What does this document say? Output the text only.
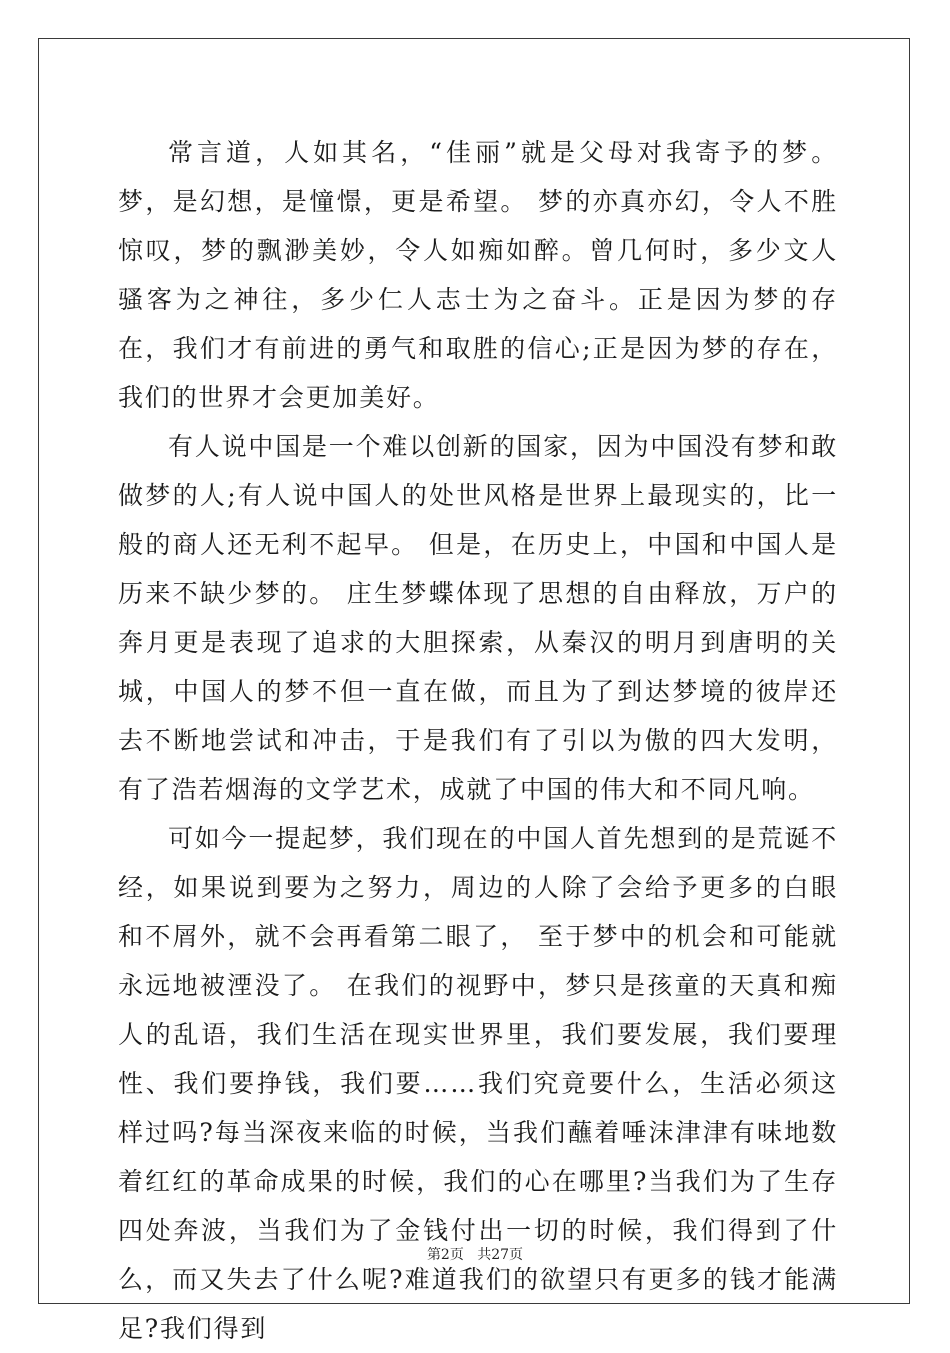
常言道，人如其名，“佳丽”就是父母对我寄予的梦。 梦，是幻想，是憧憬，更是希望。 梦的亦真亦幻，令人不胜惊叹，梦的飘渺美妙，令人如痴如醉。曾几何时，多少文人骚客为之神往，多少仁人志士为之奋斗。正是因为梦的存在，我们才有前进的勇气和取胜的信心;正是因为梦的存在，我们的世界才会更加美好。

有人说中国是一个难以创新的国家，因为中国没有梦和敢做梦的人;有人说中国人的处世风格是世界上最现实的，比一般的商人还无利不起早。 但是，在历史上，中国和中国人是历来不缺少梦的。 庄生梦蝶体现了思想的自由释放，万户的奔月更是表现了追求的大胆探索，从秦汉的明月到唐明的关城，中国人的梦不但一直在做，而且为了到达梦境的彼岸还去不断地尝试和冲击，于是我们有了引以为傲的四大发明，有了浩若烟海的文学艺术，成就了中国的伟大和不同凡响。

可如今一提起梦，我们现在的中国人首先想到的是荒诞不经，如果说到要为之努力，周边的人除了会给予更多的白眼和不屑外，就不会再看第二眼了， 至于梦中的机会和可能就永远地被湮没了。 在我们的视野中，梦只是孩童的天真和痴人的乱语，我们生活在现实世界里，我们要发展，我们要理性、我们要挣钱，我们要……我们究竟要什么，生活必须这样过吗?每当深夜来临的时候，当我们蘸着唾沫津津有味地数着红红的革命成果的时候，我们的心在哪里?当我们为了生存四处奔波，当我们为了金钱付出一切的时候，我们得到了什么，而又失去了什么呢?难道我们的欲望只有更多的钱才能满足?我们得到

第2页 共27页
